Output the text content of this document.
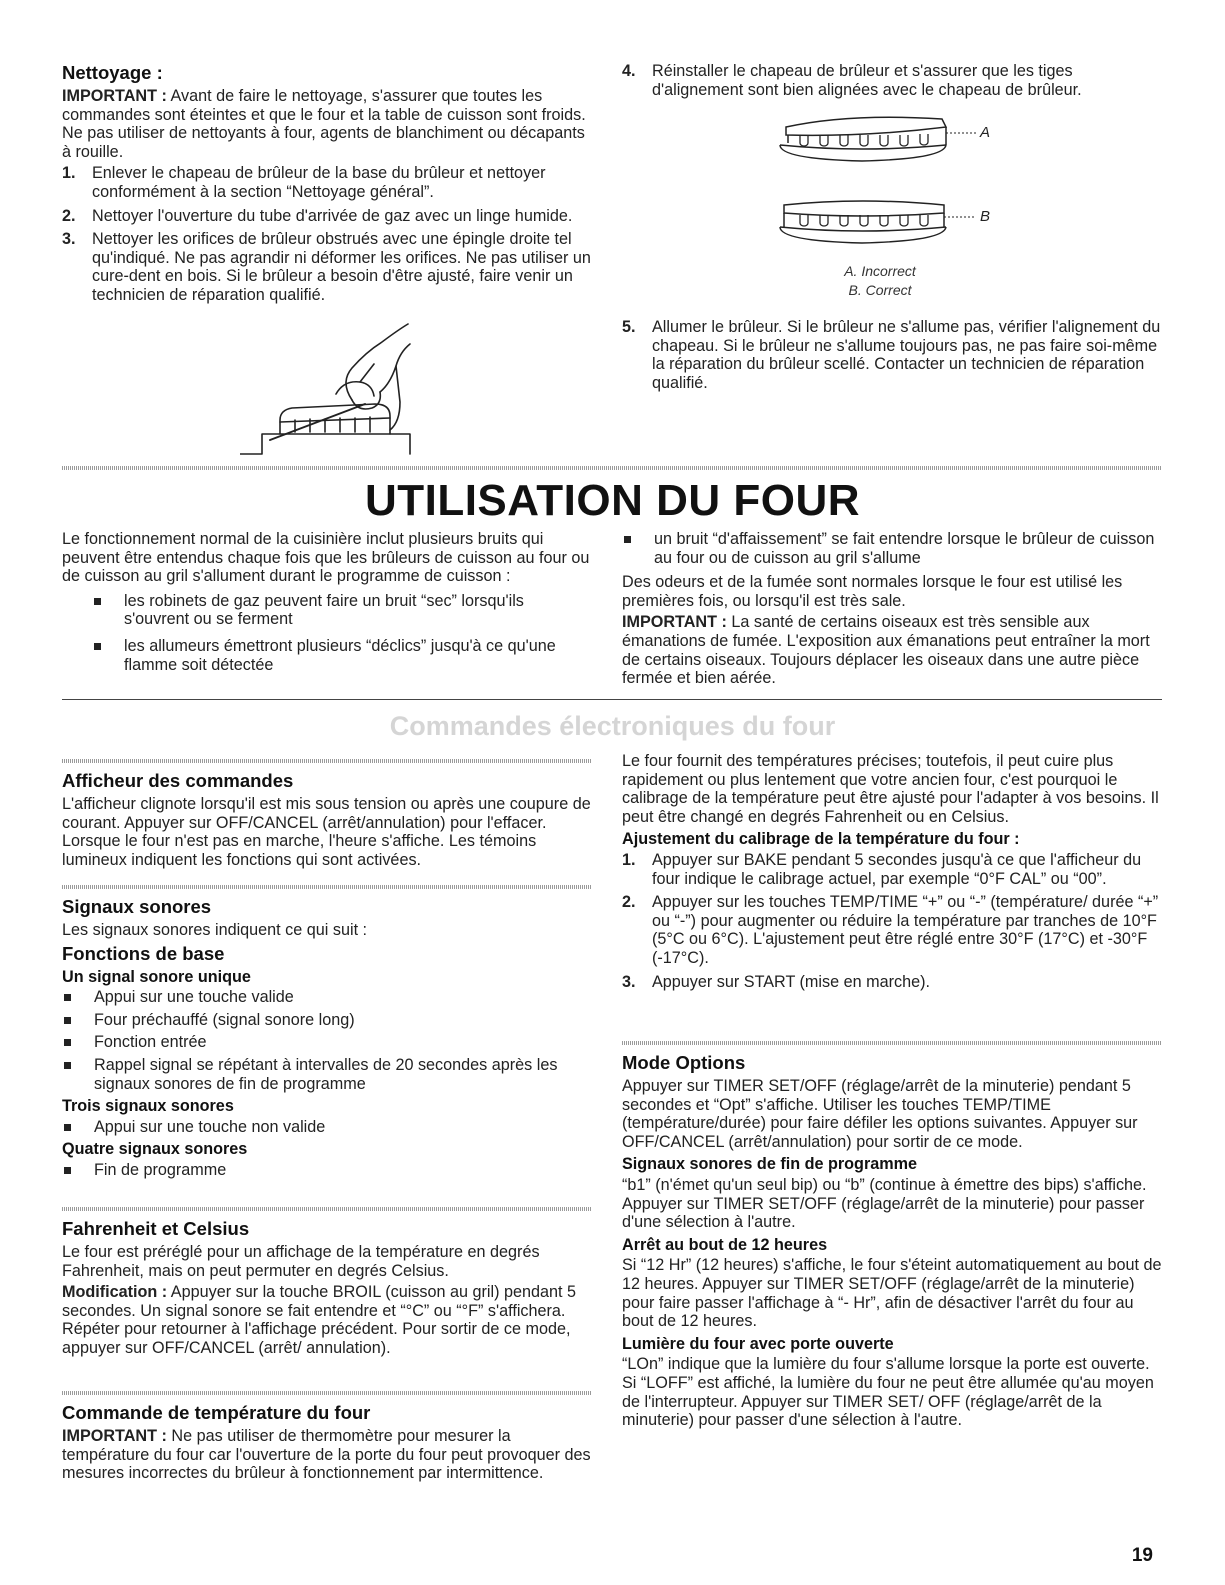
Nettoyage :

IMPORTANT : Avant de faire le nettoyage, s'assurer que toutes les commandes sont éteintes et que le four et la table de cuisson sont froids. Ne pas utiliser de nettoyants à four, agents de blanchiment ou décapants à rouille.

1. Enlever le chapeau de brûleur de la base du brûleur et nettoyer conformément à la section “Nettoyage général”.
2. Nettoyer l'ouverture du tube d'arrivée de gaz avec un linge humide.
3. Nettoyer les orifices de brûleur obstrués avec une épingle droite tel qu'indiqué. Ne pas agrandir ni déformer les orifices. Ne pas utiliser un cure-dent en bois. Si le brûleur a besoin d'être ajusté, faire venir un technicien de réparation qualifié.
4. Réinstaller le chapeau de brûleur et s'assurer que les tiges d'alignement sont bien alignées avec le chapeau de brûleur.
A
B
A. Incorrect
B. Correct
5. Allumer le brûleur. Si le brûleur ne s'allume pas, vérifier l'alignement du chapeau. Si le brûleur ne s'allume toujours pas, ne pas faire soi-même la réparation du brûleur scellé. Contacter un technicien de réparation qualifié.
UTILISATION DU FOUR

Le fonctionnement normal de la cuisinière inclut plusieurs bruits qui peuvent être entendus chaque fois que les brûleurs de cuisson au four ou de cuisson au gril s'allument durant le programme de cuisson :

les robinets de gaz peuvent faire un bruit “sec” lorsqu'ils s'ouvrent ou se ferment
les allumeurs émettront plusieurs “déclics” jusqu'à ce qu'une flamme soit détectée
un bruit “d'affaissement” se fait entendre lorsque le brûleur de cuisson au four ou de cuisson au gril s'allume

Des odeurs et de la fumée sont normales lorsque le four est utilisé les premières fois, ou lorsqu'il est très sale.

IMPORTANT : La santé de certains oiseaux est très sensible aux émanations de fumée. L'exposition aux émanations peut entraîner la mort de certains oiseaux. Toujours déplacer les oiseaux dans une autre pièce fermée et bien aérée.

Commandes électroniques du four
Afficheur des commandes

L'afficheur clignote lorsqu'il est mis sous tension ou après une coupure de courant. Appuyer sur OFF/CANCEL (arrêt/annulation) pour l'effacer. Lorsque le four n'est pas en marche, l'heure s'affiche. Les témoins lumineux indiquent les fonctions qui sont activées.

Signaux sonores

Les signaux sonores indiquent ce qui suit :

Fonctions de base
Un signal sonore unique
Appui sur une touche valide
Four préchauffé (signal sonore long)
Fonction entrée
Rappel signal se répétant à intervalles de 20 secondes après les signaux sonores de fin de programme
Trois signaux sonores
Appui sur une touche non valide
Quatre signaux sonores
Fin de programme
Fahrenheit et Celsius

Le four est préréglé pour un affichage de la température en degrés Fahrenheit, mais on peut permuter en degrés Celsius.

Modification : Appuyer sur la touche BROIL (cuisson au gril) pendant 5 secondes. Un signal sonore se fait entendre et “°C” ou “°F” s'affichera. Répéter pour retourner à l'affichage précédent. Pour sortir de ce mode, appuyer sur OFF/CANCEL (arrêt/ annulation).

Commande de température du four

IMPORTANT : Ne pas utiliser de thermomètre pour mesurer la température du four car l'ouverture de la porte du four peut provoquer des mesures incorrectes du brûleur à fonctionnement par intermittence.

Le four fournit des températures précises; toutefois, il peut cuire plus rapidement ou plus lentement que votre ancien four, c'est pourquoi le calibrage de la température peut être ajusté pour l'adapter à vos besoins. Il peut être changé en degrés Fahrenheit ou en Celsius.

Ajustement du calibrage de la température du four :
1. Appuyer sur BAKE pendant 5 secondes jusqu'à ce que l'afficheur du four indique le calibrage actuel, par exemple “0°F CAL” ou “00”.
2. Appuyer sur les touches TEMP/TIME “+” ou “-” (température/ durée “+” ou “-”) pour augmenter ou réduire la température par tranches de 10°F (5°C ou 6°C). L'ajustement peut être réglé entre 30°F (17°C) et -30°F (-17°C).
3. Appuyer sur START (mise en marche).
Mode Options

Appuyer sur TIMER SET/OFF (réglage/arrêt de la minuterie) pendant 5 secondes et “Opt” s'affiche. Utiliser les touches TEMP/TIME (température/durée) pour faire défiler les options suivantes. Appuyer sur OFF/CANCEL (arrêt/annulation) pour sortir de ce mode.

Signaux sonores de fin de programme

“b1” (n'émet qu'un seul bip) ou “b” (continue à émettre des bips) s'affiche. Appuyer sur TIMER SET/OFF (réglage/arrêt de la minuterie) pour passer d'une sélection à l'autre.

Arrêt au bout de 12 heures

Si “12 Hr” (12 heures) s'affiche, le four s'éteint automatiquement au bout de 12 heures. Appuyer sur TIMER SET/OFF (réglage/arrêt de la minuterie) pour faire passer l'affichage à “- Hr”, afin de désactiver l'arrêt du four au bout de 12 heures.

Lumière du four avec porte ouverte

“LOn” indique que la lumière du four s'allume lorsque la porte est ouverte. Si “LOFF” est affiché, la lumière du four ne peut être allumée qu'au moyen de l'interrupteur. Appuyer sur TIMER SET/ OFF (réglage/arrêt de la minuterie) pour passer d'une sélection à l'autre.

19
